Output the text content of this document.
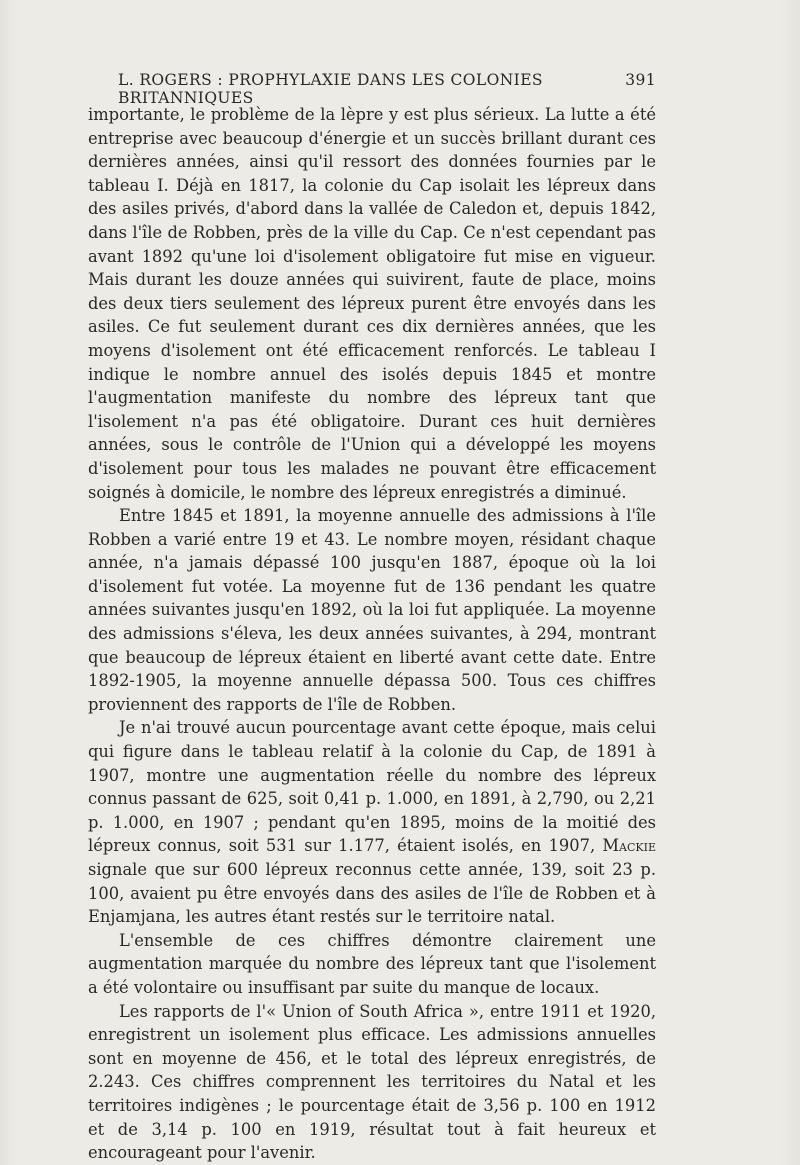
L. ROGERS : PROPHYLAXIE DANS LES COLONIES BRITANNIQUES
391

importante, le problème de la lèpre y est plus sérieux. La lutte a été entreprise avec beaucoup d'énergie et un succès brillant durant ces dernières années, ainsi qu'il ressort des données fournies par le tableau I. Déjà en 1817, la colonie du Cap isolait les lépreux dans des asiles privés, d'abord dans la vallée de Caledon et, depuis 1842, dans l'île de Robben, près de la ville du Cap. Ce n'est cependant pas avant 1892 qu'une loi d'isolement obligatoire fut mise en vigueur. Mais durant les douze années qui suivirent, faute de place, moins des deux tiers seulement des lépreux purent être envoyés dans les asiles. Ce fut seulement durant ces dix dernières années, que les moyens d'isolement ont été efficacement renforcés. Le tableau I indique le nombre annuel des isolés depuis 1845 et montre l'augmentation manifeste du nombre des lépreux tant que l'isolement n'a pas été obligatoire. Durant ces huit dernières années, sous le contrôle de l'Union qui a développé les moyens d'isolement pour tous les malades ne pouvant être efficacement soignés à domicile, le nombre des lépreux enregistrés a diminué.

Entre 1845 et 1891, la moyenne annuelle des admissions à l'île Robben a varié entre 19 et 43. Le nombre moyen, résidant chaque année, n'a jamais dépassé 100 jusqu'en 1887, époque où la loi d'isolement fut votée. La moyenne fut de 136 pendant les quatre années suivantes jusqu'en 1892, où la loi fut appliquée. La moyenne des admissions s'éleva, les deux années suivantes, à 294, montrant que beaucoup de lépreux étaient en liberté avant cette date. Entre 1892-1905, la moyenne annuelle dépassa 500. Tous ces chiffres proviennent des rapports de l'île de Robben.

Je n'ai trouvé aucun pourcentage avant cette époque, mais celui qui figure dans le tableau relatif à la colonie du Cap, de 1891 à 1907, montre une augmentation réelle du nombre des lépreux connus passant de 625, soit 0,41 p. 1.000, en 1891, à 2,790, ou 2,21 p. 1.000, en 1907 ; pendant qu'en 1895, moins de la moitié des lépreux connus, soit 531 sur 1.177, étaient isolés, en 1907, Mackie signale que sur 600 lépreux reconnus cette année, 139, soit 23 p. 100, avaient pu être envoyés dans des asiles de l'île de Robben et à Enjamjana, les autres étant restés sur le territoire natal.

L'ensemble de ces chiffres démontre clairement une augmentation marquée du nombre des lépreux tant que l'isolement a été volontaire ou insuffisant par suite du manque de locaux.

Les rapports de l'« Union of South Africa », entre 1911 et 1920, enregistrent un isolement plus efficace. Les admissions annuelles sont en moyenne de 456, et le total des lépreux enregistrés, de 2.243. Ces chiffres comprennent les territoires du Natal et les territoires indigènes ; le pourcentage était de 3,56 p. 100 en 1912 et de 3,14 p. 100 en 1919, résultat tout à fait heureux et encourageant pour l'avenir.
